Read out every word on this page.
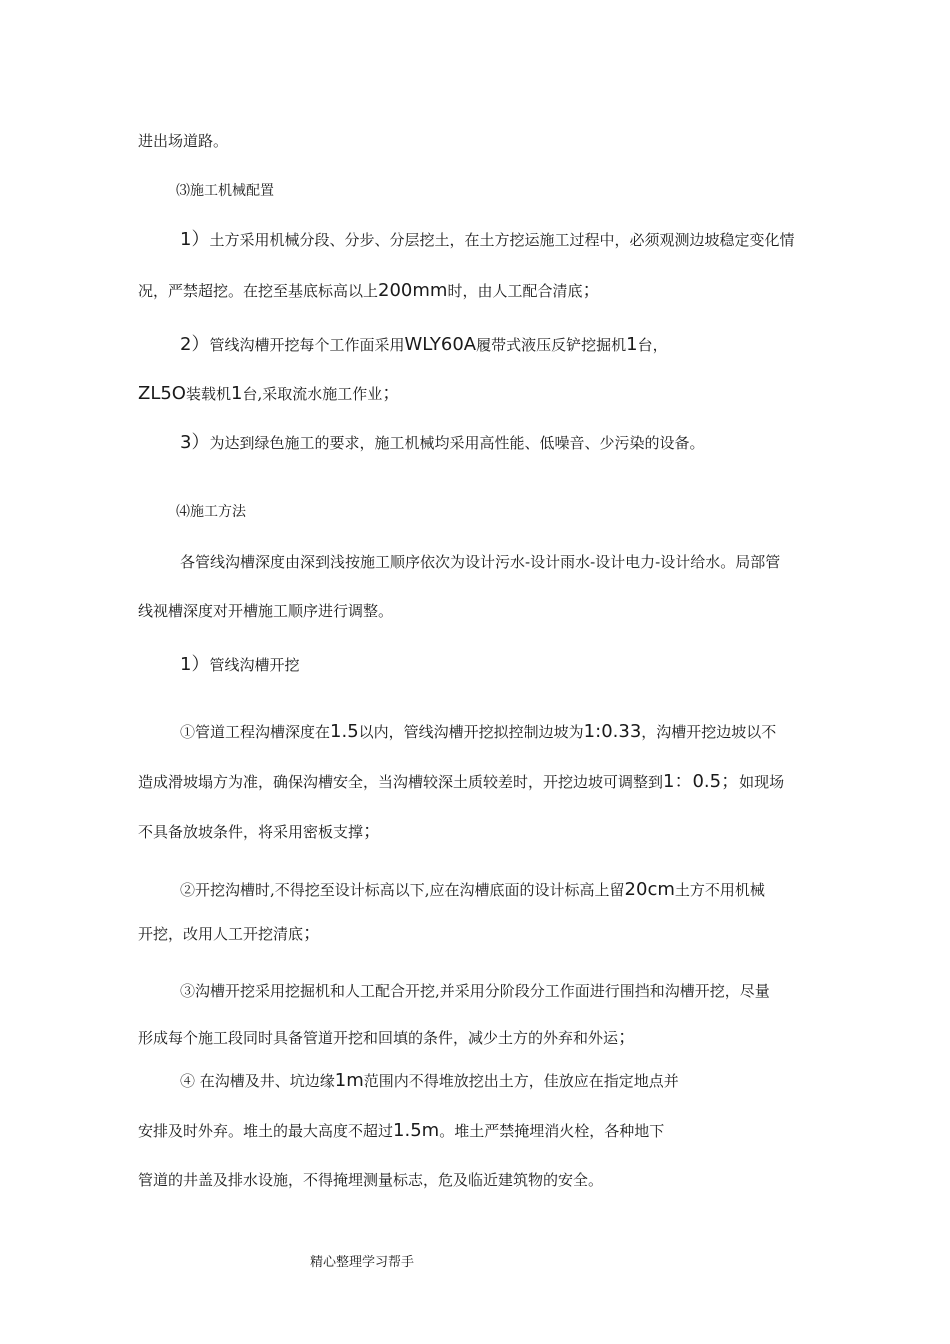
进出场道路。
⑶施工机械配置
1）土方采用机械分段、分步、分层挖土，在土方挖运施工过程中，必须观测边坡稳定变化情
况，严禁超挖。在挖至基底标高以上200mm时，由人工配合清底；
2）管线沟槽开挖每个工作面采用WLY60A履带式液压反铲挖掘机1台，
ZL5O装载机1台,采取流水施工作业；
3）为达到绿色施工的要求，施工机械均采用高性能、低噪音、少污染的设备。
⑷施工方法
各管线沟槽深度由深到浅按施工顺序依次为设计污水-设计雨水-设计电力-设计给水。局部管
线视槽深度对开槽施工顺序进行调整。
1）管线沟槽开挖
①管道工程沟槽深度在1.5以内，管线沟槽开挖拟控制边坡为1:0.33，沟槽开挖边坡以不
造成滑坡塌方为准，确保沟槽安全，当沟槽较深土质较差时，开挖边坡可调整到1：0.5；如现场
不具备放坡条件，将采用密板支撑；
②开挖沟槽时,不得挖至设计标高以下,应在沟槽底面的设计标高上留20cm土方不用机械
开挖，改用人工开挖清底；
③沟槽开挖采用挖掘机和人工配合开挖,并采用分阶段分工作面进行围挡和沟槽开挖，尽量
形成每个施工段同时具备管道开挖和回填的条件，减少土方的外弃和外运；
④ 在沟槽及井、坑边缘1m范围内不得堆放挖出土方，佳放应在指定地点并
安排及时外弃。堆土的最大高度不超过1.5m。堆土严禁掩埋消火栓，各种地下
管道的井盖及排水设施，不得掩埋测量标志，危及临近建筑物的安全。
精心整理学习帮手
